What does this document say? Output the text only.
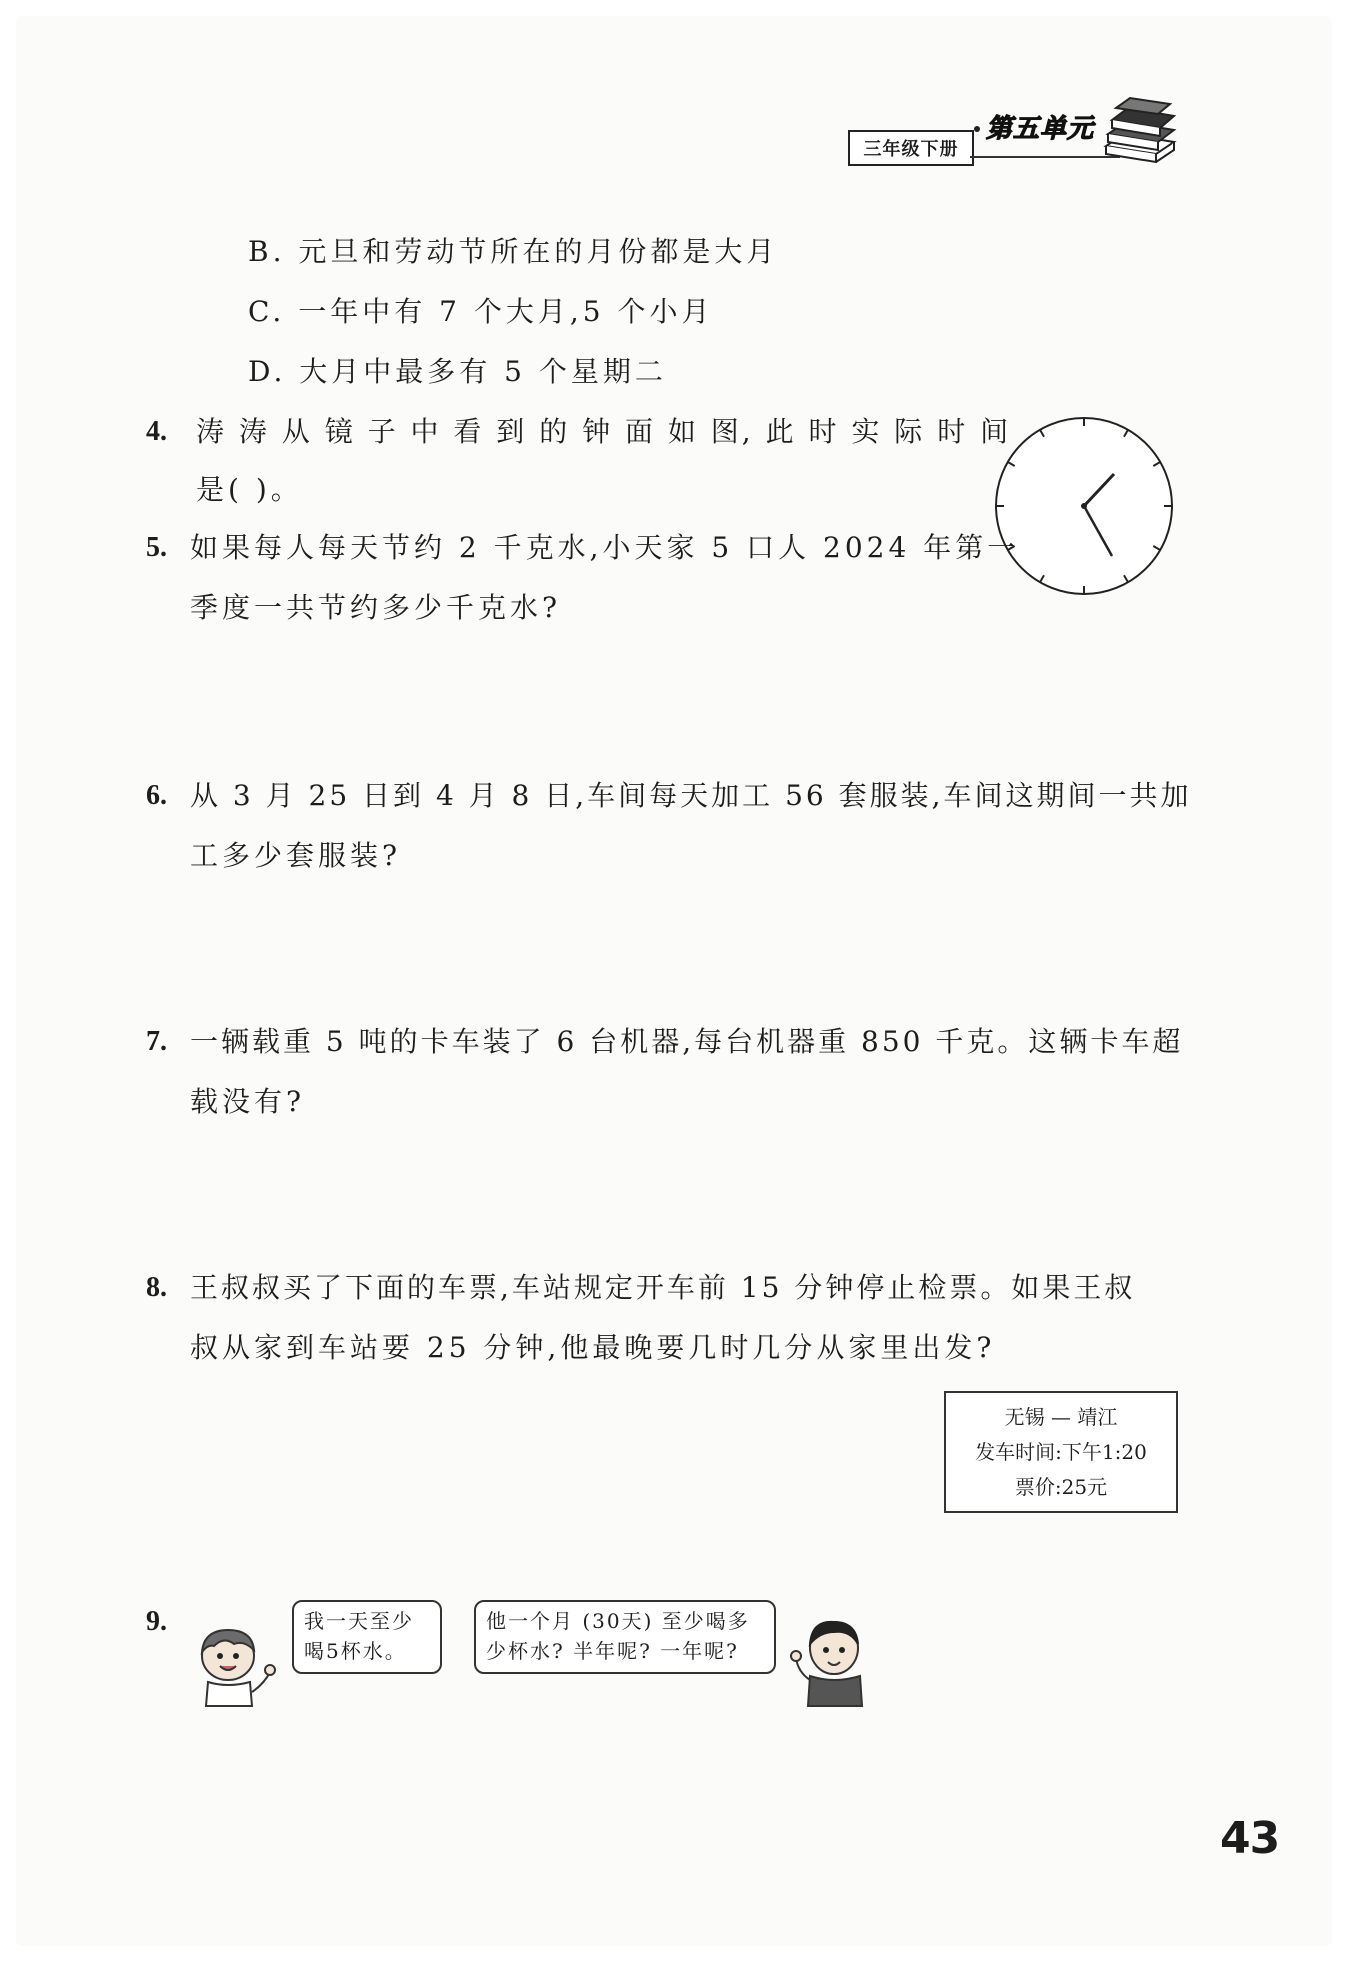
三年级下册
第五单元
B. 元旦和劳动节所在的月份都是大月
C. 一年中有 7 个大月,5 个小月
D. 大月中最多有 5 个星期二
4. 涛 涛 从 镜 子 中 看 到 的 钟 面 如 图, 此 时 实 际 时 间
是( )。
5. 如果每人每天节约 2 千克水,小天家 5 口人 2024 年第一
季度一共节约多少千克水?
6. 从 3 月 25 日到 4 月 8 日,车间每天加工 56 套服装,车间这期间一共加
工多少套服装?
7. 一辆载重 5 吨的卡车装了 6 台机器,每台机器重 850 千克。这辆卡车超
载没有?
8. 王叔叔买了下面的车票,车站规定开车前 15 分钟停止检票。如果王叔
叔从家到车站要 25 分钟,他最晚要几时几分从家里出发?
无锡 — 靖江
发车时间:下午1:20
票价:25元
9.	我一天至少
喝5杯水。
他一个月 (30天) 至少喝多
少杯水? 半年呢? 一年呢?
43
